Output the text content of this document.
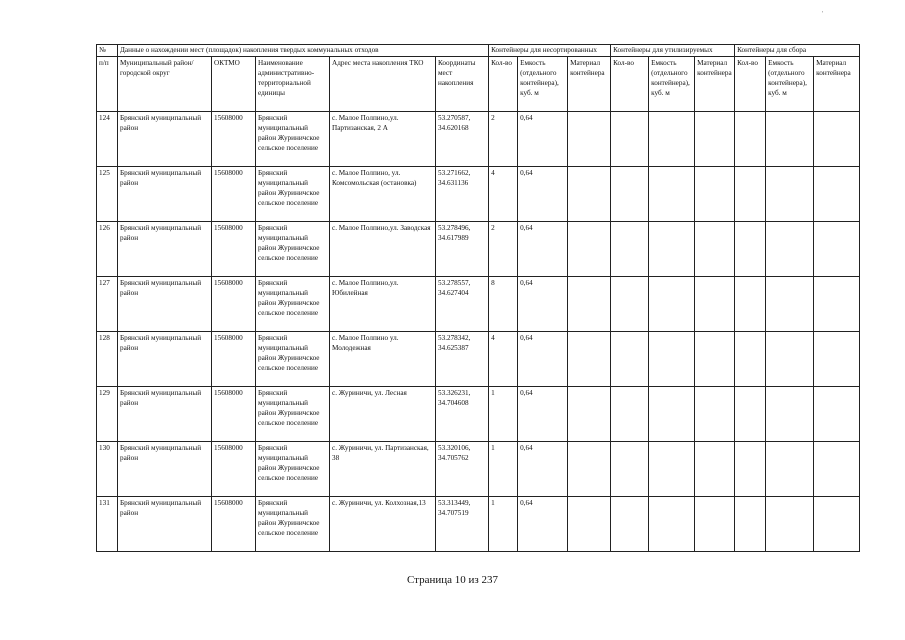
'
№	Данные о нахождении мест (площадок) накопления твердых коммунальных отходов					Контейнеры для несортированных			Контейнеры для утилизируемых			Контейнеры для сбора		
п/п	Муниципальный район/городской округ	ОКТМО	Наименование административно-территориальной единицы	Адрес места накопления ТКО	Координаты мест накопления	Кол-во	Емкость (отдельного контейнера), куб. м	Материал контейнера	Кол-во	Емкость (отдельного контейнера), куб. м	Материал контейнера	Кол-во	Емкость (отдельного контейнера), куб. м	Материал контейнера
124	Брянский муниципальный район	15608000	Брянский муниципальный район Журиничское сельское поселение	с. Малое Полпино,ул. Партизанская, 2 А	53.270587, 34.620168	2	0,64							
125	Брянский муниципальный район	15608000	Брянский муниципальный район Журиничское сельское поселение	с. Малое Полпино, ул. Комсомольская (остановка)	53.271662, 34.631136	4	0,64							
126	Брянский муниципальный район	15608000	Брянский муниципальный район Журиничское сельское поселение	с. Малое Полпино,ул. Заводская	53.278496, 34.617989	2	0,64							
127	Брянский муниципальный район	15608000	Брянский муниципальный район Журиничское сельское поселение	с. Малое Полпино,ул. Юбилейная	53.278557, 34.627404	8	0,64							
128	Брянский муниципальный район	15608000	Брянский муниципальный район Журиничское сельское поселение	с. Малое Полпино ул. Молодежная	53.278342, 34.625387	4	0,64							
129	Брянский муниципальный район	15608000	Брянский муниципальный район Журиничское сельское поселение	с. Журиничи, ул. Лесная	53.326231, 34.704608	1	0,64							
130	Брянский муниципальный район	15608000	Брянский муниципальный район Журиничское сельское поселение	с. Журиничи, ул. Партизанская, 38	53.320106, 34.705762	1	0,64							
131	Брянский муниципальный район	15608000	Брянский муниципальный район Журиничское сельское поселение	с. Журиничи, ул. Колхозная,13	53.313449, 34.707519	1	0,64							
Страница 10 из 237
